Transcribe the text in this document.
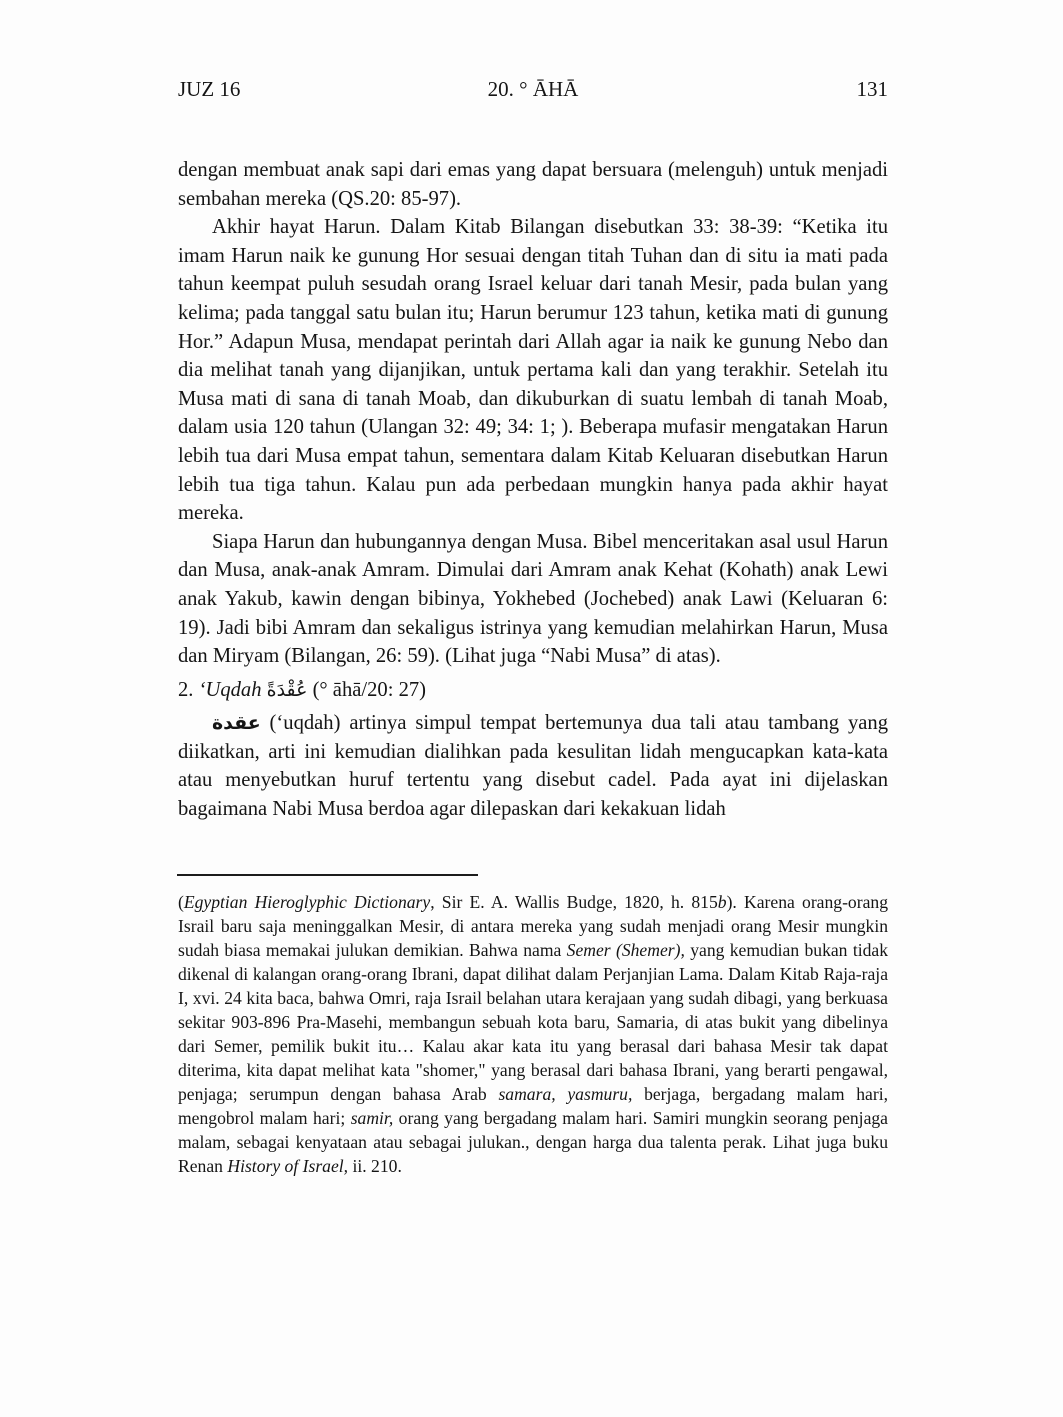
JUZ 16	20. ° ĀHĀ	131

dengan membuat anak sapi dari emas yang dapat bersuara (melenguh) untuk menjadi sembahan mereka (QS.20: 85-97).

Akhir hayat Harun. Dalam Kitab Bilangan disebutkan 33: 38-39: “Ketika itu imam Harun naik ke gunung Hor sesuai dengan titah Tuhan dan di situ ia mati pada tahun keempat puluh sesudah orang Israel keluar dari tanah Mesir, pada bulan yang kelima; pada tanggal satu bulan itu; Harun berumur 123 tahun, ketika mati di gunung Hor.” Adapun Musa, mendapat perintah dari Allah agar ia naik ke gunung Nebo dan dia melihat tanah yang dijanjikan, untuk pertama kali dan yang terakhir. Setelah itu Musa mati di sana di tanah Moab, dan dikuburkan di suatu lembah di tanah Moab, dalam usia 120 tahun (Ulangan 32: 49; 34: 1; ). Beberapa mufasir mengatakan Harun lebih tua dari Musa empat tahun, sementara dalam Kitab Keluaran disebutkan Harun lebih tua tiga tahun. Kalau pun ada perbedaan mungkin hanya pada akhir hayat mereka.

Siapa Harun dan hubungannya dengan Musa. Bibel menceritakan asal usul Harun dan Musa, anak-anak Amram. Dimulai dari Amram anak Kehat (Kohath) anak Lewi anak Yakub, kawin dengan bibinya, Yokhebed (Jochebed) anak Lawi (Keluaran 6: 19). Jadi bibi Amram dan sekaligus istrinya yang kemudian melahirkan Harun, Musa dan Miryam (Bilangan, 26: 59). (Lihat juga “Nabi Musa” di atas).

2. ‘Uqdah عُقْدَةً (° āhā/20: 27)

عقدة (‘uqdah) artinya simpul tempat bertemunya dua tali atau tambang yang diikatkan, arti ini kemudian dialihkan pada kesulitan lidah mengucapkan kata-kata atau menyebutkan huruf tertentu yang disebut cadel. Pada ayat ini dijelaskan bagaimana Nabi Musa berdoa agar dilepaskan dari kekakuan lidah

(Egyptian Hieroglyphic Dictionary, Sir E. A. Wallis Budge, 1820, h. 815b). Karena orang-orang Israil baru saja meninggalkan Mesir, di antara mereka yang sudah menjadi orang Mesir mungkin sudah biasa memakai julukan demikian. Bahwa nama Semer (Shemer), yang kemudian bukan tidak dikenal di kalangan orang-orang Ibrani, dapat dilihat dalam Perjanjian Lama. Dalam Kitab Raja-raja I, xvi. 24 kita baca, bahwa Omri, raja Israil belahan utara kerajaan yang sudah dibagi, yang berkuasa sekitar 903-896 Pra-Masehi, membangun sebuah kota baru, Samaria, di atas bukit yang dibelinya dari Semer, pemilik bukit itu… Kalau akar kata itu yang berasal dari bahasa Mesir tak dapat diterima, kita dapat melihat kata "shomer," yang berasal dari bahasa Ibrani, yang berarti pengawal, penjaga; serumpun dengan bahasa Arab samara, yasmuru, berjaga, bergadang malam hari, mengobrol malam hari; samir, orang yang bergadang malam hari. Samiri mungkin seorang penjaga malam, sebagai kenyataan atau sebagai julukan., dengan harga dua talenta perak. Lihat juga buku Renan History of Israel, ii. 210.
